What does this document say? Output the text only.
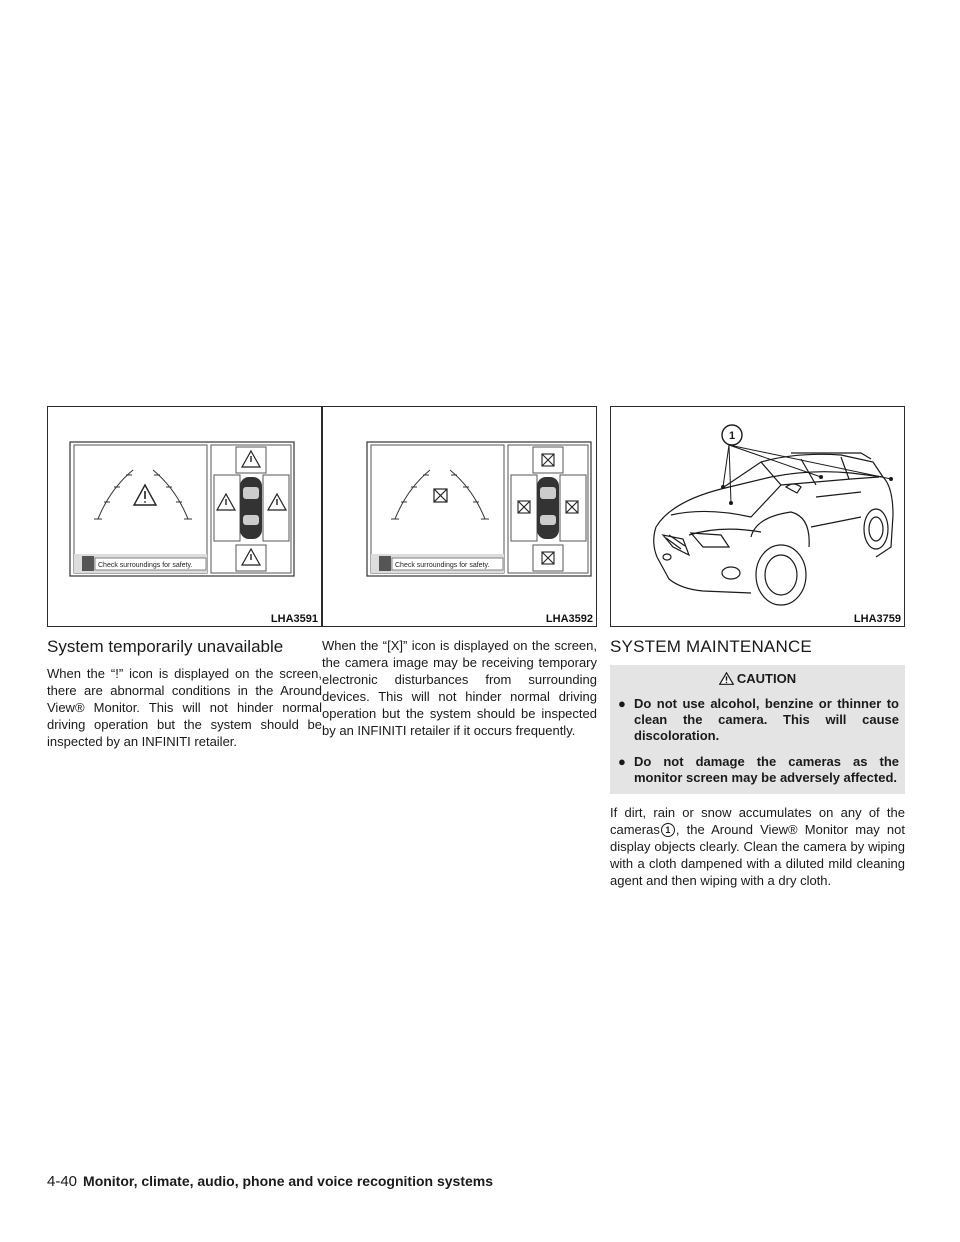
Check surroundings for safety.
LHA3591
System temporarily unavailable

When the “!” icon is displayed on the screen, there are abnormal conditions in the Around View® Monitor. This will not hinder normal driving operation but the system should be inspected by an INFINITI retailer.

Check surroundings for safety.
LHA3592

When the “[X]” icon is displayed on the screen, the camera image may be receiving temporary electronic disturbances from surrounding devices. This will not hinder normal driving operation but the system should be inspected by an INFINITI retailer if it occurs frequently.

1
LHA3759
SYSTEM MAINTENANCE
CAUTION
● Do not use alcohol, benzine or thinner to clean the camera. This will cause discoloration.
● Do not damage the cameras as the monitor screen may be adversely affected.

If dirt, rain or snow accumulates on any of the cameras 1 , the Around View® Monitor may not display objects clearly. Clean the camera by wiping with a cloth dampened with a diluted mild cleaning agent and then wiping with a dry cloth.

4-40 Monitor, climate, audio, phone and voice recognition systems
